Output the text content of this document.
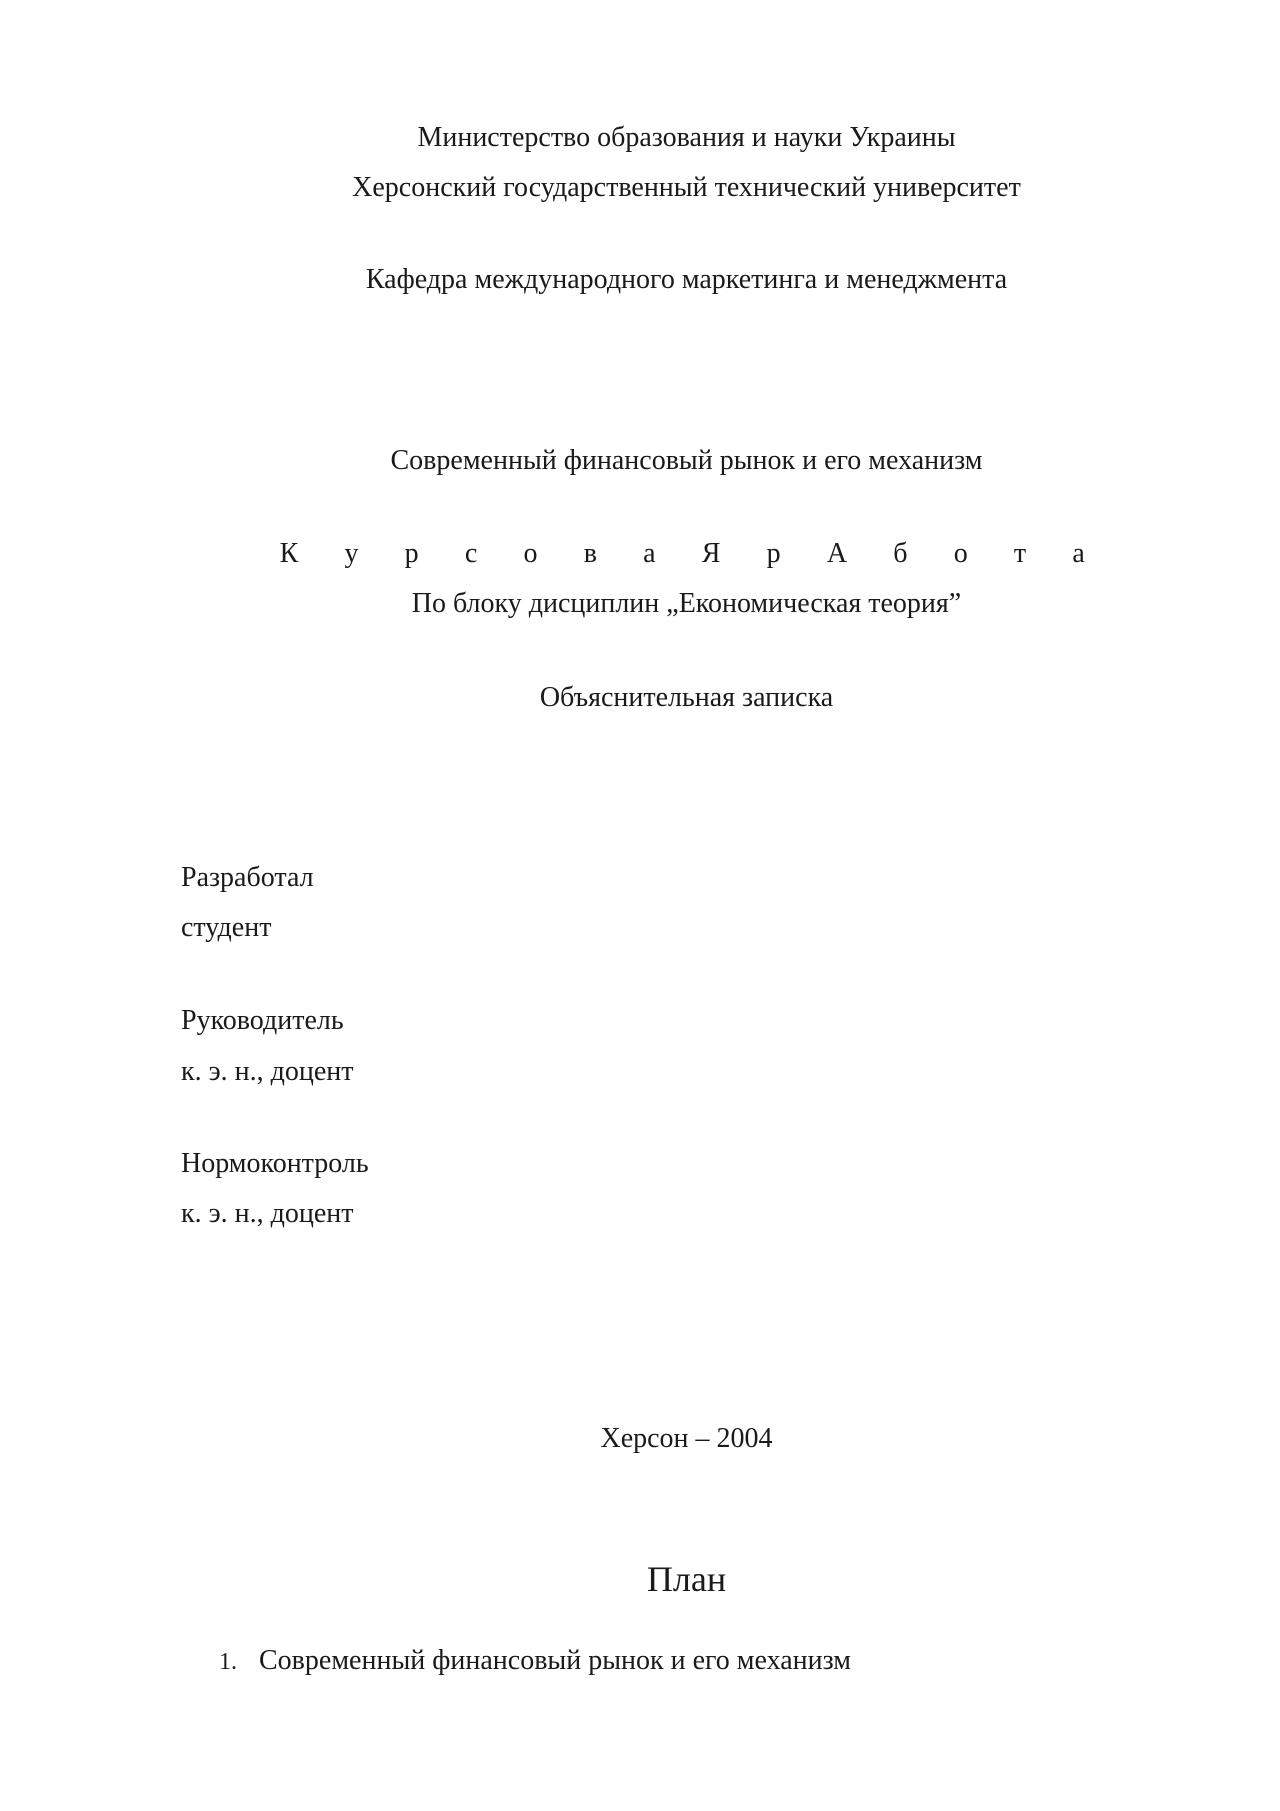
Министерство образования и науки Украины
Херсонский государственный технический университет
Кафедра международного маркетинга и менеджмента
Современный финансовый рынок и его механизм
К у р с о в а Я р А б о т а
По блоку дисциплин „Економическая теория”
Объяснительная записка
Разработал
студент
Руководитель
к. э. н., доцент
Нормоконтроль
к. э. н., доцент
Херсон – 2004
План
1. Современный финансовый рынок и его механизм
